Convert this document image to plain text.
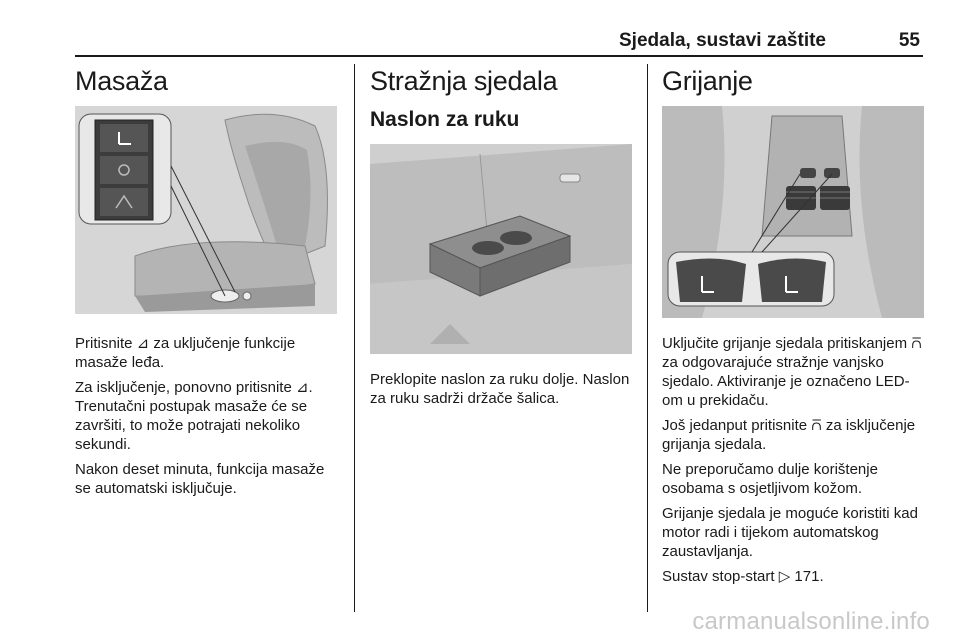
Sjedala, sustavi zaštite	55
Masaža

Pritisnite ⊿ za uključenje funkcije masaže leđa.

Za isključenje, ponovno pritisnite ⊿. Trenutačni postupak masaže će se završiti, to može potrajati nekoliko sekundi.

Nakon deset minuta, funkcija masaže se automatski isključuje.

Stražnja sjedala
Naslon za ruku

Preklopite naslon za ruku dolje. Naslon za ruku sadrži držače šalica.

Grijanje

Uključite grijanje sjedala pritiskanjem ⩃ za odgovarajuće stražnje vanjsko sjedalo. Aktiviranje je označeno LED-om u prekidaču.

Još jedanput pritisnite ⩃ za isključenje grijanja sjedala.

Ne preporučamo dulje korištenje osobama s osjetljivom kožom.

Grijanje sjedala je moguće koristiti kad motor radi i tijekom automatskog zaustavljanja.

Sustav stop-start ▷ 171.

carmanualsonline.info
